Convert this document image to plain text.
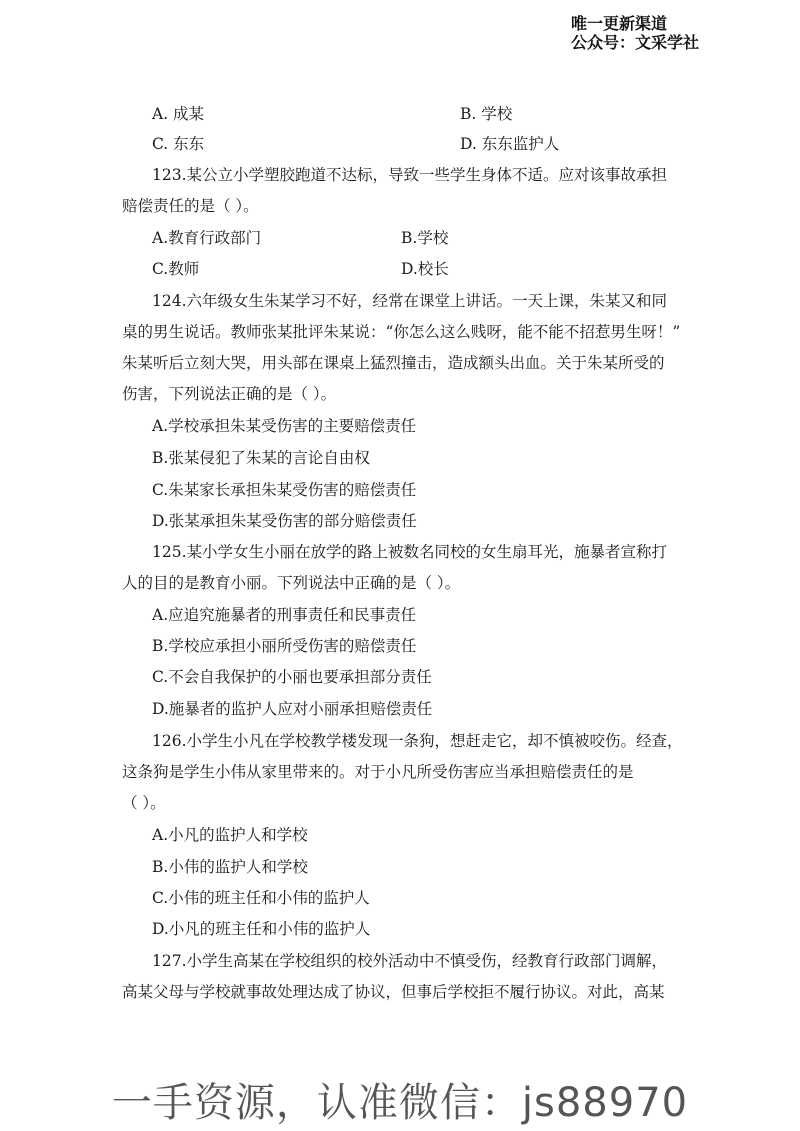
唯一更新渠道
公众号：文采学社
A. 成某	B. 学校
C. 东东	D. 东东监护人
123.某公立小学塑胶跑道不达标，导致一些学生身体不适。应对该事故承担
赔偿责任的是（ ）。
A.教育行政部门	B.学校
C.教师	D.校长
124.六年级女生朱某学习不好，经常在课堂上讲话。一天上课，朱某又和同
桌的男生说话。教师张某批评朱某说：“你怎么这么贱呀，能不能不招惹男生呀！”
朱某听后立刻大哭，用头部在课桌上猛烈撞击，造成额头出血。关于朱某所受的
伤害，下列说法正确的是（ ）。
A.学校承担朱某受伤害的主要赔偿责任
B.张某侵犯了朱某的言论自由权
C.朱某家长承担朱某受伤害的赔偿责任
D.张某承担朱某受伤害的部分赔偿责任
125.某小学女生小丽在放学的路上被数名同校的女生扇耳光，施暴者宣称打
人的目的是教育小丽。下列说法中正确的是（ ）。
A.应追究施暴者的刑事责任和民事责任
B.学校应承担小丽所受伤害的赔偿责任
C.不会自我保护的小丽也要承担部分责任
D.施暴者的监护人应对小丽承担赔偿责任
126.小学生小凡在学校教学楼发现一条狗，想赶走它，却不慎被咬伤。经查，
这条狗是学生小伟从家里带来的。对于小凡所受伤害应当承担赔偿责任的是
（ ）。
A.小凡的监护人和学校
B.小伟的监护人和学校
C.小伟的班主任和小伟的监护人
D.小凡的班主任和小伟的监护人
127.小学生高某在学校组织的校外活动中不慎受伤，经教育行政部门调解，
高某父母与学校就事故处理达成了协议，但事后学校拒不履行协议。对此，高某
一手资源，认准微信：js88970
